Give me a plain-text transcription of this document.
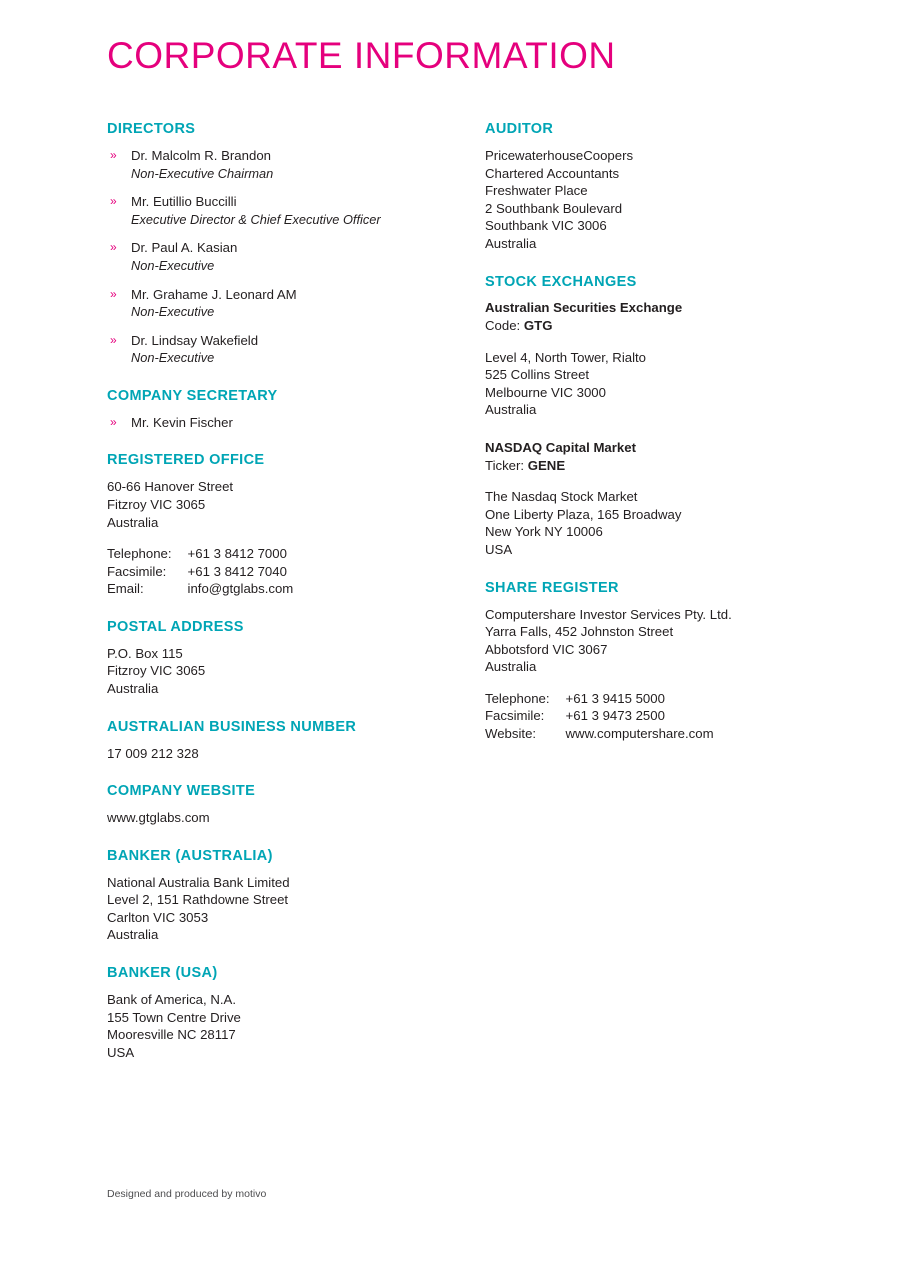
CORPORATE INFORMATION
DIRECTORS
» Dr. Malcolm R. Brandon
Non-Executive Chairman
» Mr. Eutillio Buccilli
Executive Director & Chief Executive Officer
» Dr. Paul A. Kasian
Non-Executive
» Mr. Grahame J. Leonard AM
Non-Executive
» Dr. Lindsay Wakefield
Non-Executive
COMPANY SECRETARY
» Mr. Kevin Fischer
REGISTERED OFFICE
60-66 Hanover Street
Fitzroy VIC 3065
Australia
Telephone:	+61 3 8412 7000
Facsimile:	+61 3 8412 7040
Email:	info@gtglabs.com
POSTAL ADDRESS
P.O. Box 115
Fitzroy VIC 3065
Australia
AUSTRALIAN BUSINESS NUMBER
17 009 212 328
COMPANY WEBSITE
www.gtglabs.com
BANKER (AUSTRALIA)
National Australia Bank Limited
Level 2, 151 Rathdowne Street
Carlton VIC 3053
Australia
BANKER (USA)
Bank of America, N.A.
155 Town Centre Drive
Mooresville NC 28117
USA
AUDITOR
PricewaterhouseCoopers
Chartered Accountants
Freshwater Place
2 Southbank Boulevard
Southbank VIC 3006
Australia
STOCK EXCHANGES
Australian Securities Exchange
Code: GTG
Level 4, North Tower, Rialto
525 Collins Street
Melbourne VIC 3000
Australia
NASDAQ Capital Market
Ticker: GENE
The Nasdaq Stock Market
One Liberty Plaza, 165 Broadway
New York NY 10006
USA
SHARE REGISTER
Computershare Investor Services Pty. Ltd.
Yarra Falls, 452 Johnston Street
Abbotsford VIC 3067
Australia
Telephone:	+61 3 9415 5000
Facsimile:	+61 3 9473 2500
Website:	www.computershare.com
Designed and produced by motivo
